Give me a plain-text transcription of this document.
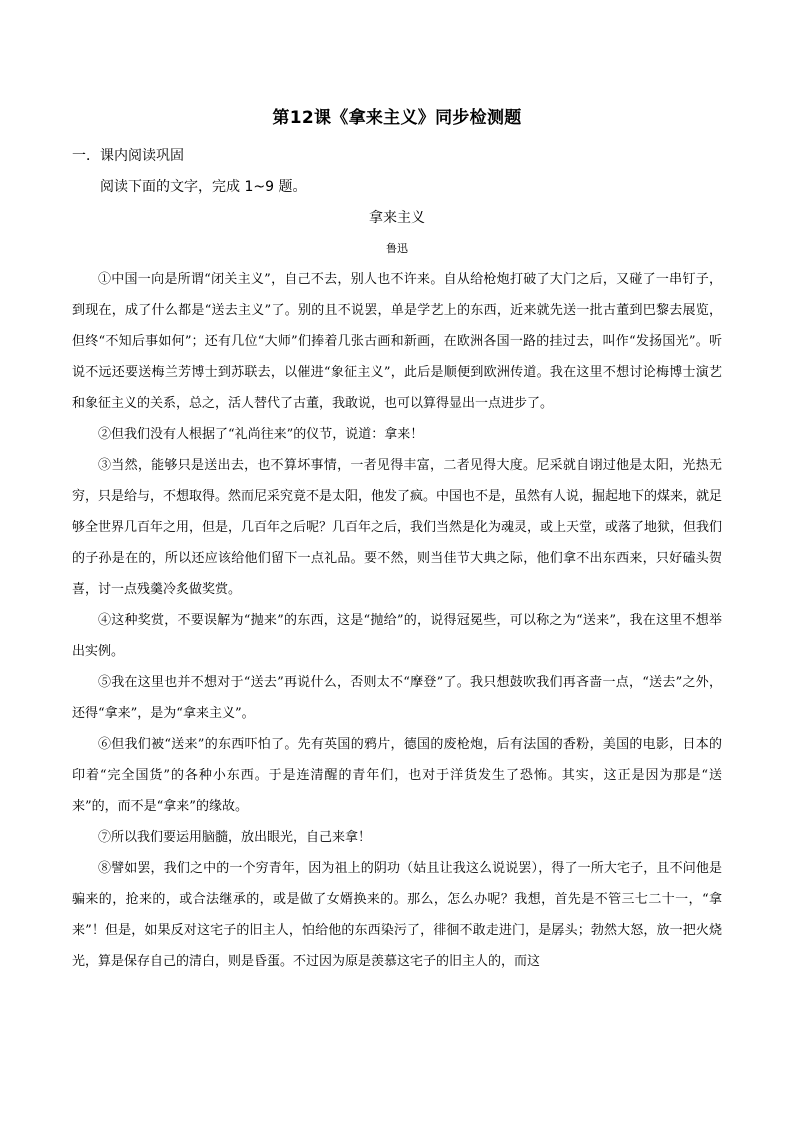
第12课《拿来主义》同步检测题
一．课内阅读巩固
阅读下面的文字，完成 1~9 题。
拿来主义
鲁迅

①中国一向是所谓“闭关主义”，自己不去，别人也不许来。自从给枪炮打破了大门之后，又碰了一串钉子，到现在，成了什么都是“送去主义”了。别的且不说罢，单是学艺上的东西，近来就先送一批古董到巴黎去展览，但终“不知后事如何”；还有几位“大师”们捧着几张古画和新画，在欧洲各国一路的挂过去，叫作“发扬国光”。听说不远还要送梅兰芳博士到苏联去，以催进“象征主义”，此后是顺便到欧洲传道。我在这里不想讨论梅博士演艺和象征主义的关系，总之，活人替代了古董，我敢说，也可以算得显出一点进步了。

②但我们没有人根据了“礼尚往来”的仪节，说道：拿来！

③当然，能够只是送出去，也不算坏事情，一者见得丰富，二者见得大度。尼采就自诩过他是太阳，光热无穷，只是给与，不想取得。然而尼采究竟不是太阳，他发了疯。中国也不是，虽然有人说，掘起地下的煤来，就足够全世界几百年之用，但是，几百年之后呢？几百年之后，我们当然是化为魂灵，或上天堂，或落了地狱，但我们的子孙是在的，所以还应该给他们留下一点礼品。要不然，则当佳节大典之际，他们拿不出东西来，只好磕头贺喜，讨一点残羹冷炙做奖赏。

④这种奖赏，不要误解为“抛来”的东西，这是“抛给”的，说得冠冕些，可以称之为“送来”，我在这里不想举出实例。

⑤我在这里也并不想对于“送去”再说什么，否则太不“摩登”了。我只想鼓吹我们再吝啬一点，“送去”之外，还得“拿来”，是为“拿来主义”。

⑥但我们被“送来”的东西吓怕了。先有英国的鸦片，德国的废枪炮，后有法国的香粉，美国的电影，日本的印着“完全国货”的各种小东西。于是连清醒的青年们，也对于洋货发生了恐怖。其实，这正是因为那是“送来”的，而不是“拿来”的缘故。

⑦所以我们要运用脑髓，放出眼光，自己来拿！

⑧譬如罢，我们之中的一个穷青年，因为祖上的阴功（姑且让我这么说说罢），得了一所大宅子，且不问他是骗来的，抢来的，或合法继承的，或是做了女婿换来的。那么，怎么办呢？我想，首先是不管三七二十一，“拿来”！但是，如果反对这宅子的旧主人，怕给他的东西染污了，徘徊不敢走进门，是孱头；勃然大怒，放一把火烧光，算是保存自己的清白，则是昏蛋。不过因为原是羡慕这宅子的旧主人的，而这
